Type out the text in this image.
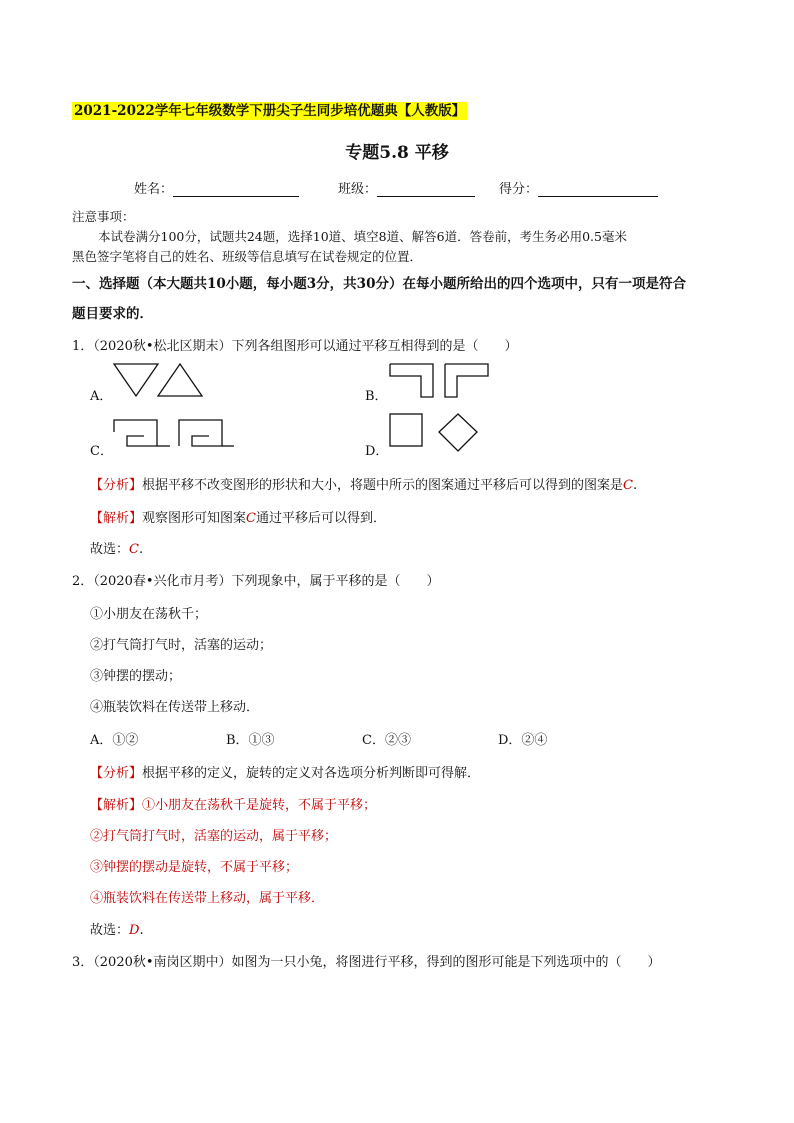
2021-2022学年七年级数学下册尖子生同步培优题典【人教版】
专题5.8 平移
姓名：	班级：	得分：
注意事项：
本试卷满分100分，试题共24题，选择10道、填空8道、解答6道．答卷前，考生务必用0.5毫米
黑色签字笔将自己的姓名、班级等信息填写在试卷规定的位置．
一、选择题（本大题共10小题，每小题3分，共30分）在每小题所给出的四个选项中，只有一项是符合
题目要求的．
1．（2020秋•松北区期末）下列各组图形可以通过平移互相得到的是（　　）
A．	B．
C．	D．
【分析】根据平移不改变图形的形状和大小，将题中所示的图案通过平移后可以得到的图案是C.
【解析】观察图形可知图案C通过平移后可以得到．
故选：C.
2．（2020春•兴化市月考）下列现象中，属于平移的是（　　）
①小朋友在荡秋千；
②打气筒打气时，活塞的运动；
③钟摆的摆动；
④瓶装饮料在传送带上移动．
A．①②	B．①③	C．②③	D．②④
【分析】根据平移的定义，旋转的定义对各选项分析判断即可得解．
【解析】①小朋友在荡秋千是旋转，不属于平移；
②打气筒打气时，活塞的运动，属于平移；
③钟摆的摆动是旋转，不属于平移；
④瓶装饮料在传送带上移动，属于平移．
故选：D.
3．（2020秋•南岗区期中）如图为一只小兔，将图进行平移，得到的图形可能是下列选项中的（　　）
